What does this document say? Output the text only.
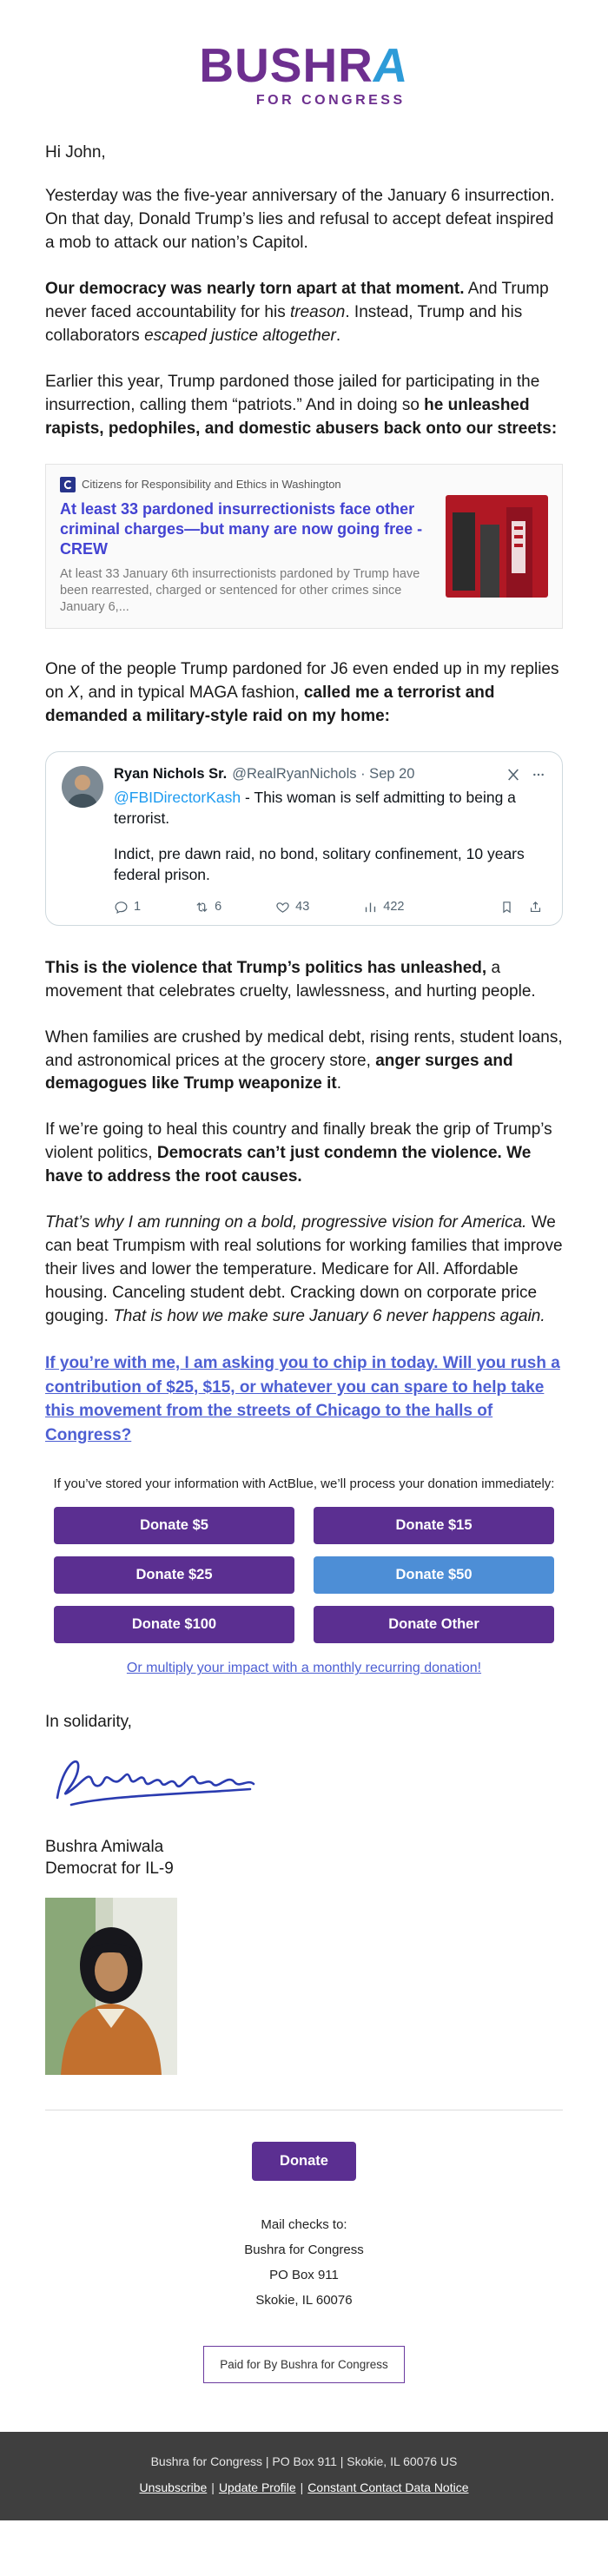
BUSHRA
FOR CONGRESS

Hi John,

Yesterday was the five-year anniversary of the January 6 insurrection. On that day, Donald Trump’s lies and refusal to accept defeat inspired a mob to attack our nation’s Capitol.

Our democracy was nearly torn apart at that moment. And Trump never faced accountability for his treason. Instead, Trump and his collaborators escaped justice altogether.

Earlier this year, Trump pardoned those jailed for participating in the insurrection, calling them “patriots.” And in doing so he unleashed rapists, pedophiles, and domestic abusers back onto our streets:

Citizens for Responsibility and Ethics in Washington
At least 33 pardoned insurrectionists face other criminal charges—but many are now going free - CREW
At least 33 January 6th insurrectionists pardoned by Trump have been rearrested, charged or sentenced for other crimes since January 6,...

One of the people Trump pardoned for J6 even ended up in my replies on X, and in typical MAGA fashion, called me a terrorist and demanded a military-style raid on my home:

Ryan Nichols Sr. @RealRyanNichols · Sep 20

@FBIDirectorKash - This woman is self admitting to being a terrorist.

Indict, pre dawn raid, no bond, solitary confinement, 10 years federal prison.

1	6	43	422

This is the violence that Trump’s politics has unleashed, a movement that celebrates cruelty, lawlessness, and hurting people.

When families are crushed by medical debt, rising rents, student loans, and astronomical prices at the grocery store, anger surges and demagogues like Trump weaponize it.

If we’re going to heal this country and finally break the grip of Trump’s violent politics, Democrats can’t just condemn the violence. We have to address the root causes.

That’s why I am running on a bold, progressive vision for America. We can beat Trumpism with real solutions for working families that improve their lives and lower the temperature. Medicare for All. Affordable housing. Canceling student debt. Cracking down on corporate price gouging. That is how we make sure January 6 never happens again.

If you’re with me, I am asking you to chip in today. Will you rush a contribution of $25, $15, or whatever you can spare to help take this movement from the streets of Chicago to the halls of Congress?
If you’ve stored your information with ActBlue, we’ll process your donation immediately:
Donate $5	Donate $15
Donate $25	Donate $50
Donate $100	Donate Other
Or multiply your impact with a monthly recurring donation!

In solidarity,

Bushra Amiwala
Democrat for IL-9
Donate
Mail checks to:
Bushra for Congress
PO Box 911
Skokie, IL 60076
Paid for By Bushra for Congress
Bushra for Congress | PO Box 911 | Skokie, IL 60076 US
Unsubscribe | Update Profile | Constant Contact Data Notice
